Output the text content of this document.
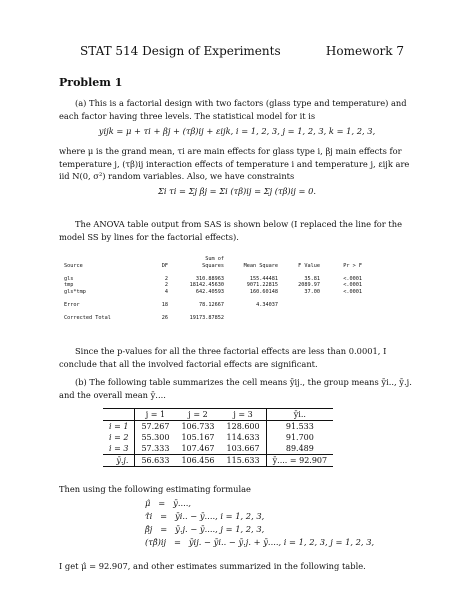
STAT 514 Design of Experiments	Homework 7
Problem 1
(a) This is a factorial design with two factors (glass type and temperature) and each factor having three levels. The statistical model for it is
yijk = μ + τi + βj + (τβ)ij + εijk, i = 1, 2, 3, j = 1, 2, 3, k = 1, 2, 3,
where μ is the grand mean, τi are main effects for glass type i, βj main effects for temperature j, (τβ)ij interaction effects of temperature i and temperature j, εijk are iid N(0, σ²) random variables. Also, we have constraints
Σi τi = Σj βj = Σi (τβ)ij = Σj (τβ)ij = 0.
The ANOVA table output from SAS is shown below (I replaced the line for the model SS by lines for the factorial effects).
Sum of
Source	DF	Squares	Mean Square	F Value	Pr > F
gls	2	310.88963	155.44481	35.81	<.0001
tmp	2	18142.45630	9071.22815	2089.97	<.0001
gls*tmp	4	642.40593	160.60148	37.00	<.0001
Error	18	78.12667	4.34037
Corrected Total	26	19173.87852
Since the p-values for all the three factorial effects are less than 0.0001, I conclude that all the involved factorial effects are significant.
(b) The following table summarizes the cell means ȳij., the group means ȳi.., ȳ.j. and the overall mean ȳ....
	j = 1	j = 2	j = 3	ȳi..
i = 1	57.267	106.733	128.600	91.533
i = 2	55.300	105.167	114.633	91.700
i = 3	57.333	107.467	103.667	89.489
ȳ.j.	56.633	106.456	115.633	ȳ.... = 92.907
Then using the following estimating formulae
μ̂   =   ȳ....,
τ̂i   =   ȳi.. − ȳ...., i = 1, 2, 3,
β̂j   =   ȳ.j. − ȳ...., j = 1, 2, 3,
(τβ̂)ij   =   ȳij. − ȳi.. − ȳ.j. + ȳ...., i = 1, 2, 3, j = 1, 2, 3,
I get μ̂ = 92.907, and other estimates summarized in the following table.
